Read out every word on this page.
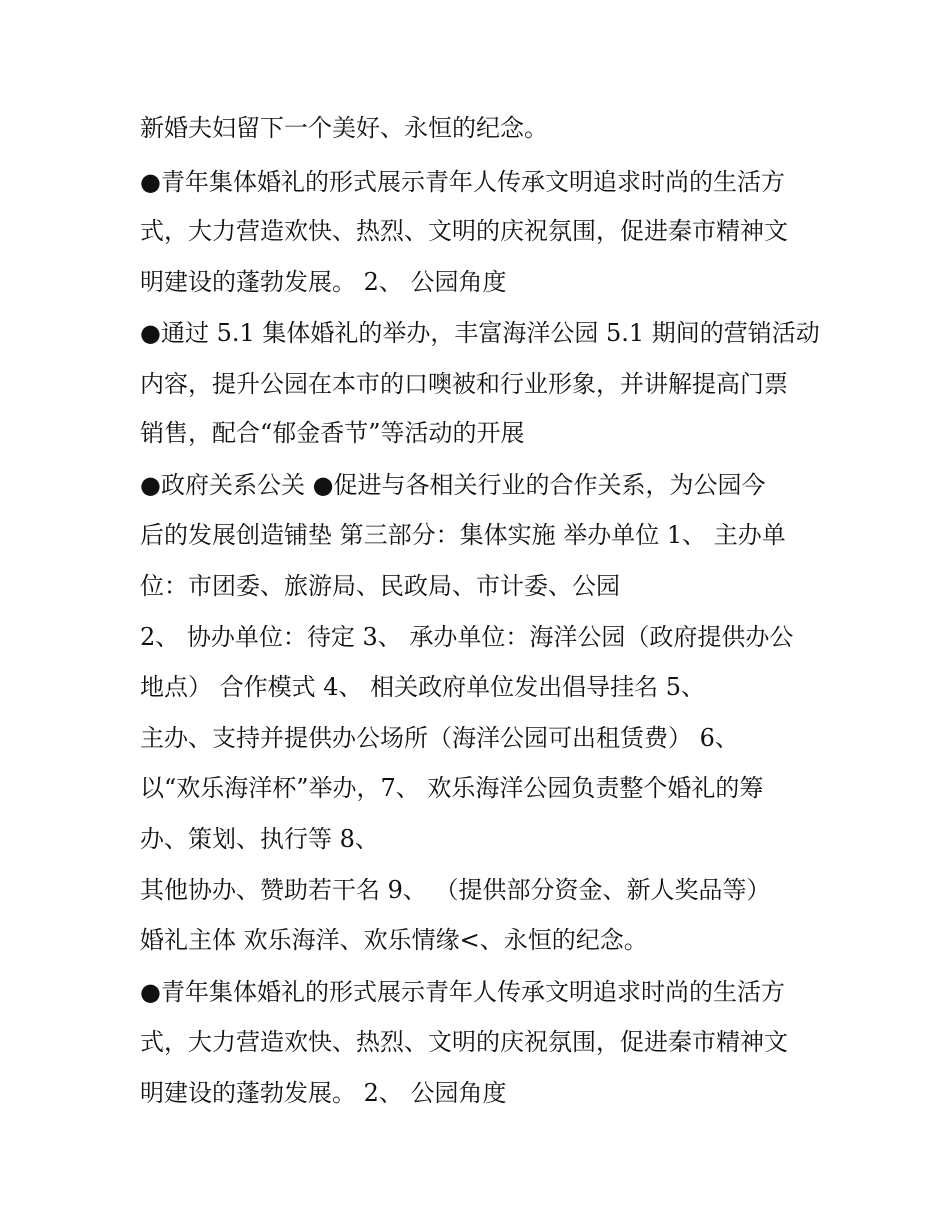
新婚夫妇留下一个美好、永恒的纪念。
●青年集体婚礼的形式展示青年人传承文明追求时尚的生活方
式，大力营造欢快、热烈、文明的庆祝氛围，促进秦市精神文
明建设的蓬勃发展。 2、 公园角度
●通过 5.1 集体婚礼的举办，丰富海洋公园 5.1 期间的营销活动
内容，提升公园在本市的口噢被和行业形象，并讲解提高门票
销售，配合“郁金香节”等活动的开展
●政府关系公关 ●促进与各相关行业的合作关系，为公园今
后的发展创造铺垫 第三部分：集体实施 举办单位 1、 主办单
位：市团委、旅游局、民政局、市计委、公园
2、 协办单位：待定 3、 承办单位：海洋公园（政府提供办公
地点） 合作模式 4、 相关政府单位发出倡导挂名 5、
主办、支持并提供办公场所（海洋公园可出租赁费） 6、
以“欢乐海洋杯”举办，7、 欢乐海洋公园负责整个婚礼的筹
办、策划、执行等 8、
其他协办、赞助若干名 9、 （提供部分资金、新人奖品等）
婚礼主体 欢乐海洋、欢乐情缘<、永恒的纪念。
●青年集体婚礼的形式展示青年人传承文明追求时尚的生活方
式，大力营造欢快、热烈、文明的庆祝氛围，促进秦市精神文
明建设的蓬勃发展。 2、 公园角度
